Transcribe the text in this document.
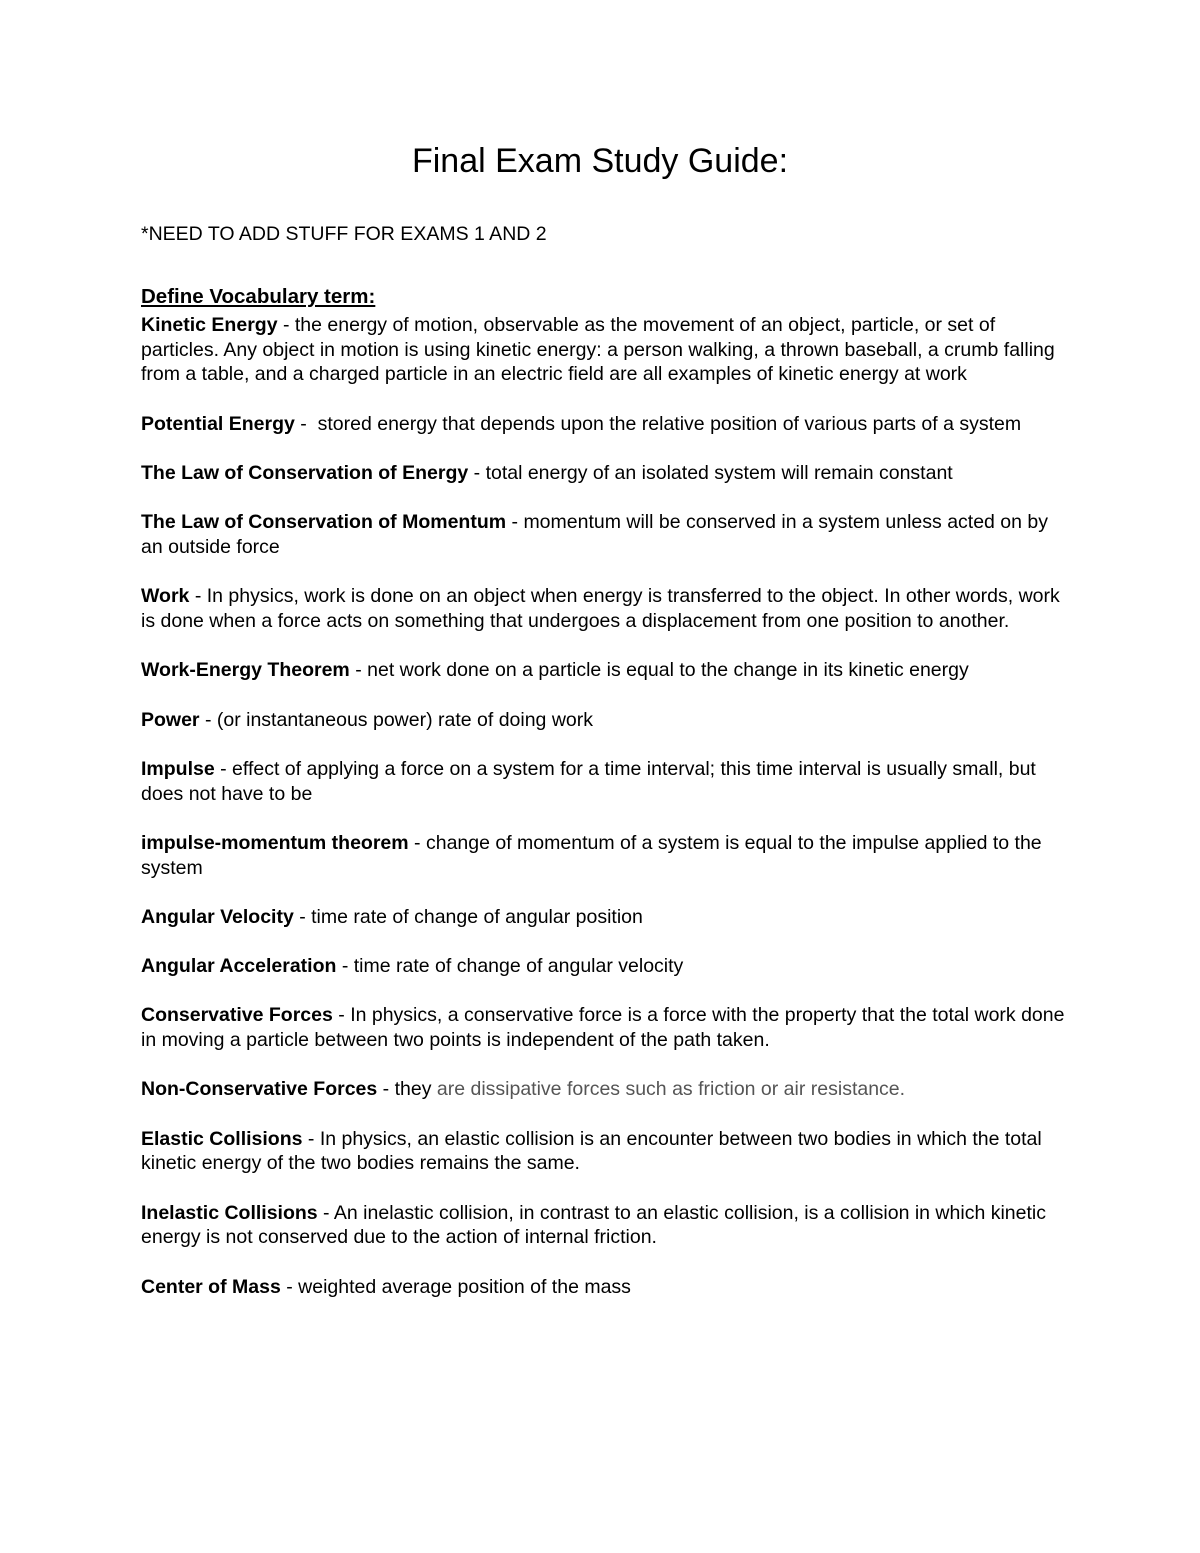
Final Exam Study Guide:
*NEED TO ADD STUFF FOR EXAMS 1 AND 2
Define Vocabulary term:

Kinetic Energy - the energy of motion, observable as the movement of an object, particle, or set of particles. Any object in motion is using kinetic energy: a person walking, a thrown baseball, a crumb falling from a table, and a charged particle in an electric field are all examples of kinetic energy at work

Potential Energy -  stored energy that depends upon the relative position of various parts of a system

The Law of Conservation of Energy - total energy of an isolated system will remain constant

The Law of Conservation of Momentum - momentum will be conserved in a system unless acted on by an outside force

Work - In physics, work is done on an object when energy is transferred to the object. In other words, work is done when a force acts on something that undergoes a displacement from one position to another.

Work-Energy Theorem - net work done on a particle is equal to the change in its kinetic energy

Power - (or instantaneous power) rate of doing work

Impulse - effect of applying a force on a system for a time interval; this time interval is usually small, but does not have to be

impulse-momentum theorem - change of momentum of a system is equal to the impulse applied to the system

Angular Velocity - time rate of change of angular position

Angular Acceleration - time rate of change of angular velocity

Conservative Forces - In physics, a conservative force is a force with the property that the total work done in moving a particle between two points is independent of the path taken.

Non-Conservative Forces - they are dissipative forces such as friction or air resistance.

Elastic Collisions - In physics, an elastic collision is an encounter between two bodies in which the total kinetic energy of the two bodies remains the same.

Inelastic Collisions - An inelastic collision, in contrast to an elastic collision, is a collision in which kinetic energy is not conserved due to the action of internal friction.

Center of Mass - weighted average position of the mass
